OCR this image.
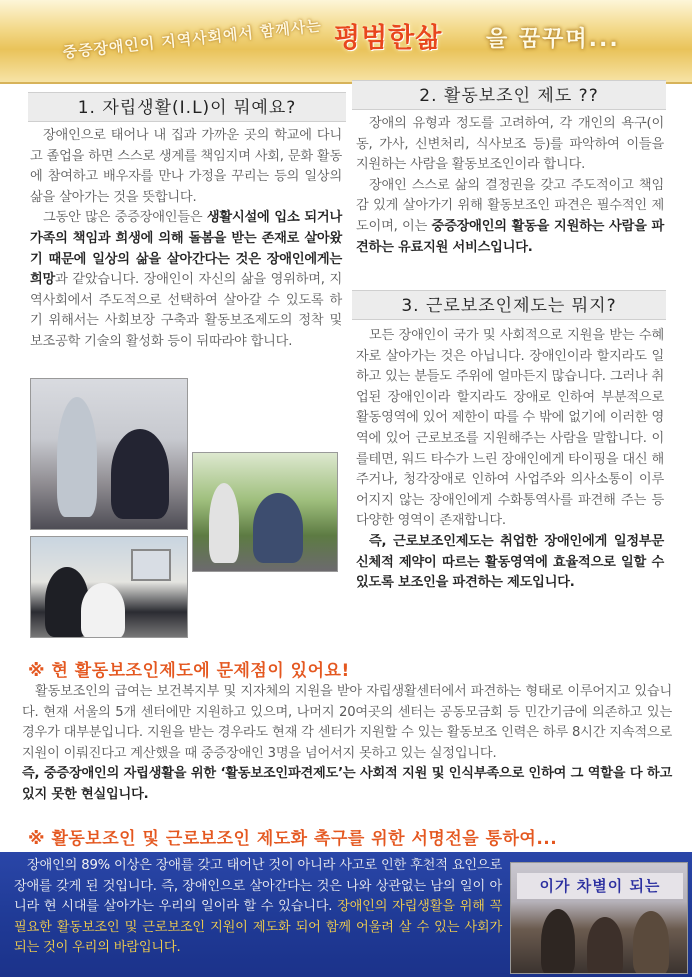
중증장애인이 지역사회에서 함께사는 평범한삶 을 꿈꾸며...
1. 자립생활(I.L)이 뭐예요?
장애인으로 태어나 내 집과 가까운 곳의 학교에 다니고 졸업을 하면 스스로 생계를 책임지며 사회, 문화 활동에 참여하고 배우자를 만나 가정을 꾸리는 등의 일상의 삶을 살아가는 것을 뜻합니다.
그동안 많은 중증장애인들은 생활시설에 입소 되거나 가족의 책임과 희생에 의해 돌봄을 받는 존재로 살아왔기 때문에 일상의 삶을 살아간다는 것은 장애인에게는 희망과 같았습니다. 장애인이 자신의 삶을 영위하며, 지역사회에서 주도적으로 선택하여 살아갈 수 있도록 하기 위해서는 사회보장 구축과 활동보조제도의 정착 및 보조공학 기술의 활성화 등이 뒤따라야 합니다.
2. 활동보조인 제도 ??
장애의 유형과 정도를 고려하여, 각 개인의 욕구(이동, 가사, 신변처리, 식사보조 등)를 파악하여 이들을 지원하는 사람을 활동보조인이라 합니다.
장애인 스스로 삶의 결정권을 갖고 주도적이고 책임감 있게 살아가기 위해 활동보조인 파견은 필수적인 제도이며, 이는 중증장애인의 활동을 지원하는 사람을 파견하는 유료지원 서비스입니다.
3. 근로보조인제도는 뭐지?
모든 장애인이 국가 및 사회적으로 지원을 받는 수혜자로 살아가는 것은 아닙니다. 장애인이라 할지라도 일하고 있는 분들도 주위에 얼마든지 많습니다. 그러나 취업된 장애인이라 할지라도 장애로 인하여 부분적으로 활동영역에 있어 제한이 따를 수 밖에 없기에 이러한 영역에 있어 근로보조를 지원해주는 사람을 말합니다. 이를테면, 워드 타수가 느린 장애인에게 타이핑을 대신 해 주거나, 청각장애로 인하여 사업주와 의사소통이 이루어지지 않는 장애인에게 수화통역사를 파견해 주는 등 다양한 영역이 존재합니다.
즉, 근로보조인제도는 취업한 장애인에게 일정부문 신체적 제약이 따르는 활동영역에 효율적으로 일할 수 있도록 보조인을 파견하는 제도입니다.
※ 현 활동보조인제도에 문제점이 있어요!
활동보조인의 급여는 보건복지부 및 지자체의 지원을 받아 자립생활센터에서 파견하는 형태로 이루어지고 있습니다. 현재 서울의 5개 센터에만 지원하고 있으며, 나머지 20여곳의 센터는 공동모금회 등 민간기금에 의존하고 있는 경우가 대부분입니다. 지원을 받는 경우라도 현재 각 센터가 지원할 수 있는 활동보조 인력은 하루 8시간 지속적으로 지원이 이뤄진다고 계산했을 때 중증장애인 3명을 넘어서지 못하고 있는 실정입니다.
즉, 중증장애인의 자립생활을 위한 ‘활동보조인파견제도’는 사회적 지원 및 인식부족으로 인하여 그 역할을 다 하고 있지 못한 현실입니다.
※ 활동보조인 및 근로보조인 제도화 촉구를 위한 서명전을 통하여...
장애인의 89% 이상은 장애를 갖고 태어난 것이 아니라 사고로 인한 후천적 요인으로 장애를 갖게 된 것입니다. 즉, 장애인으로 살아간다는 것은 나와 상관없는 남의 일이 아니라 현 시대를 살아가는 우리의 일이라 할 수 있습니다. 장애인의 자립생활을 위해 꼭 필요한 활동보조인 및 근로보조인 지원이 제도화 되어 함께 어울려 살 수 있는 사회가 되는 것이 우리의 바람입니다.
이가 차별이 되는
